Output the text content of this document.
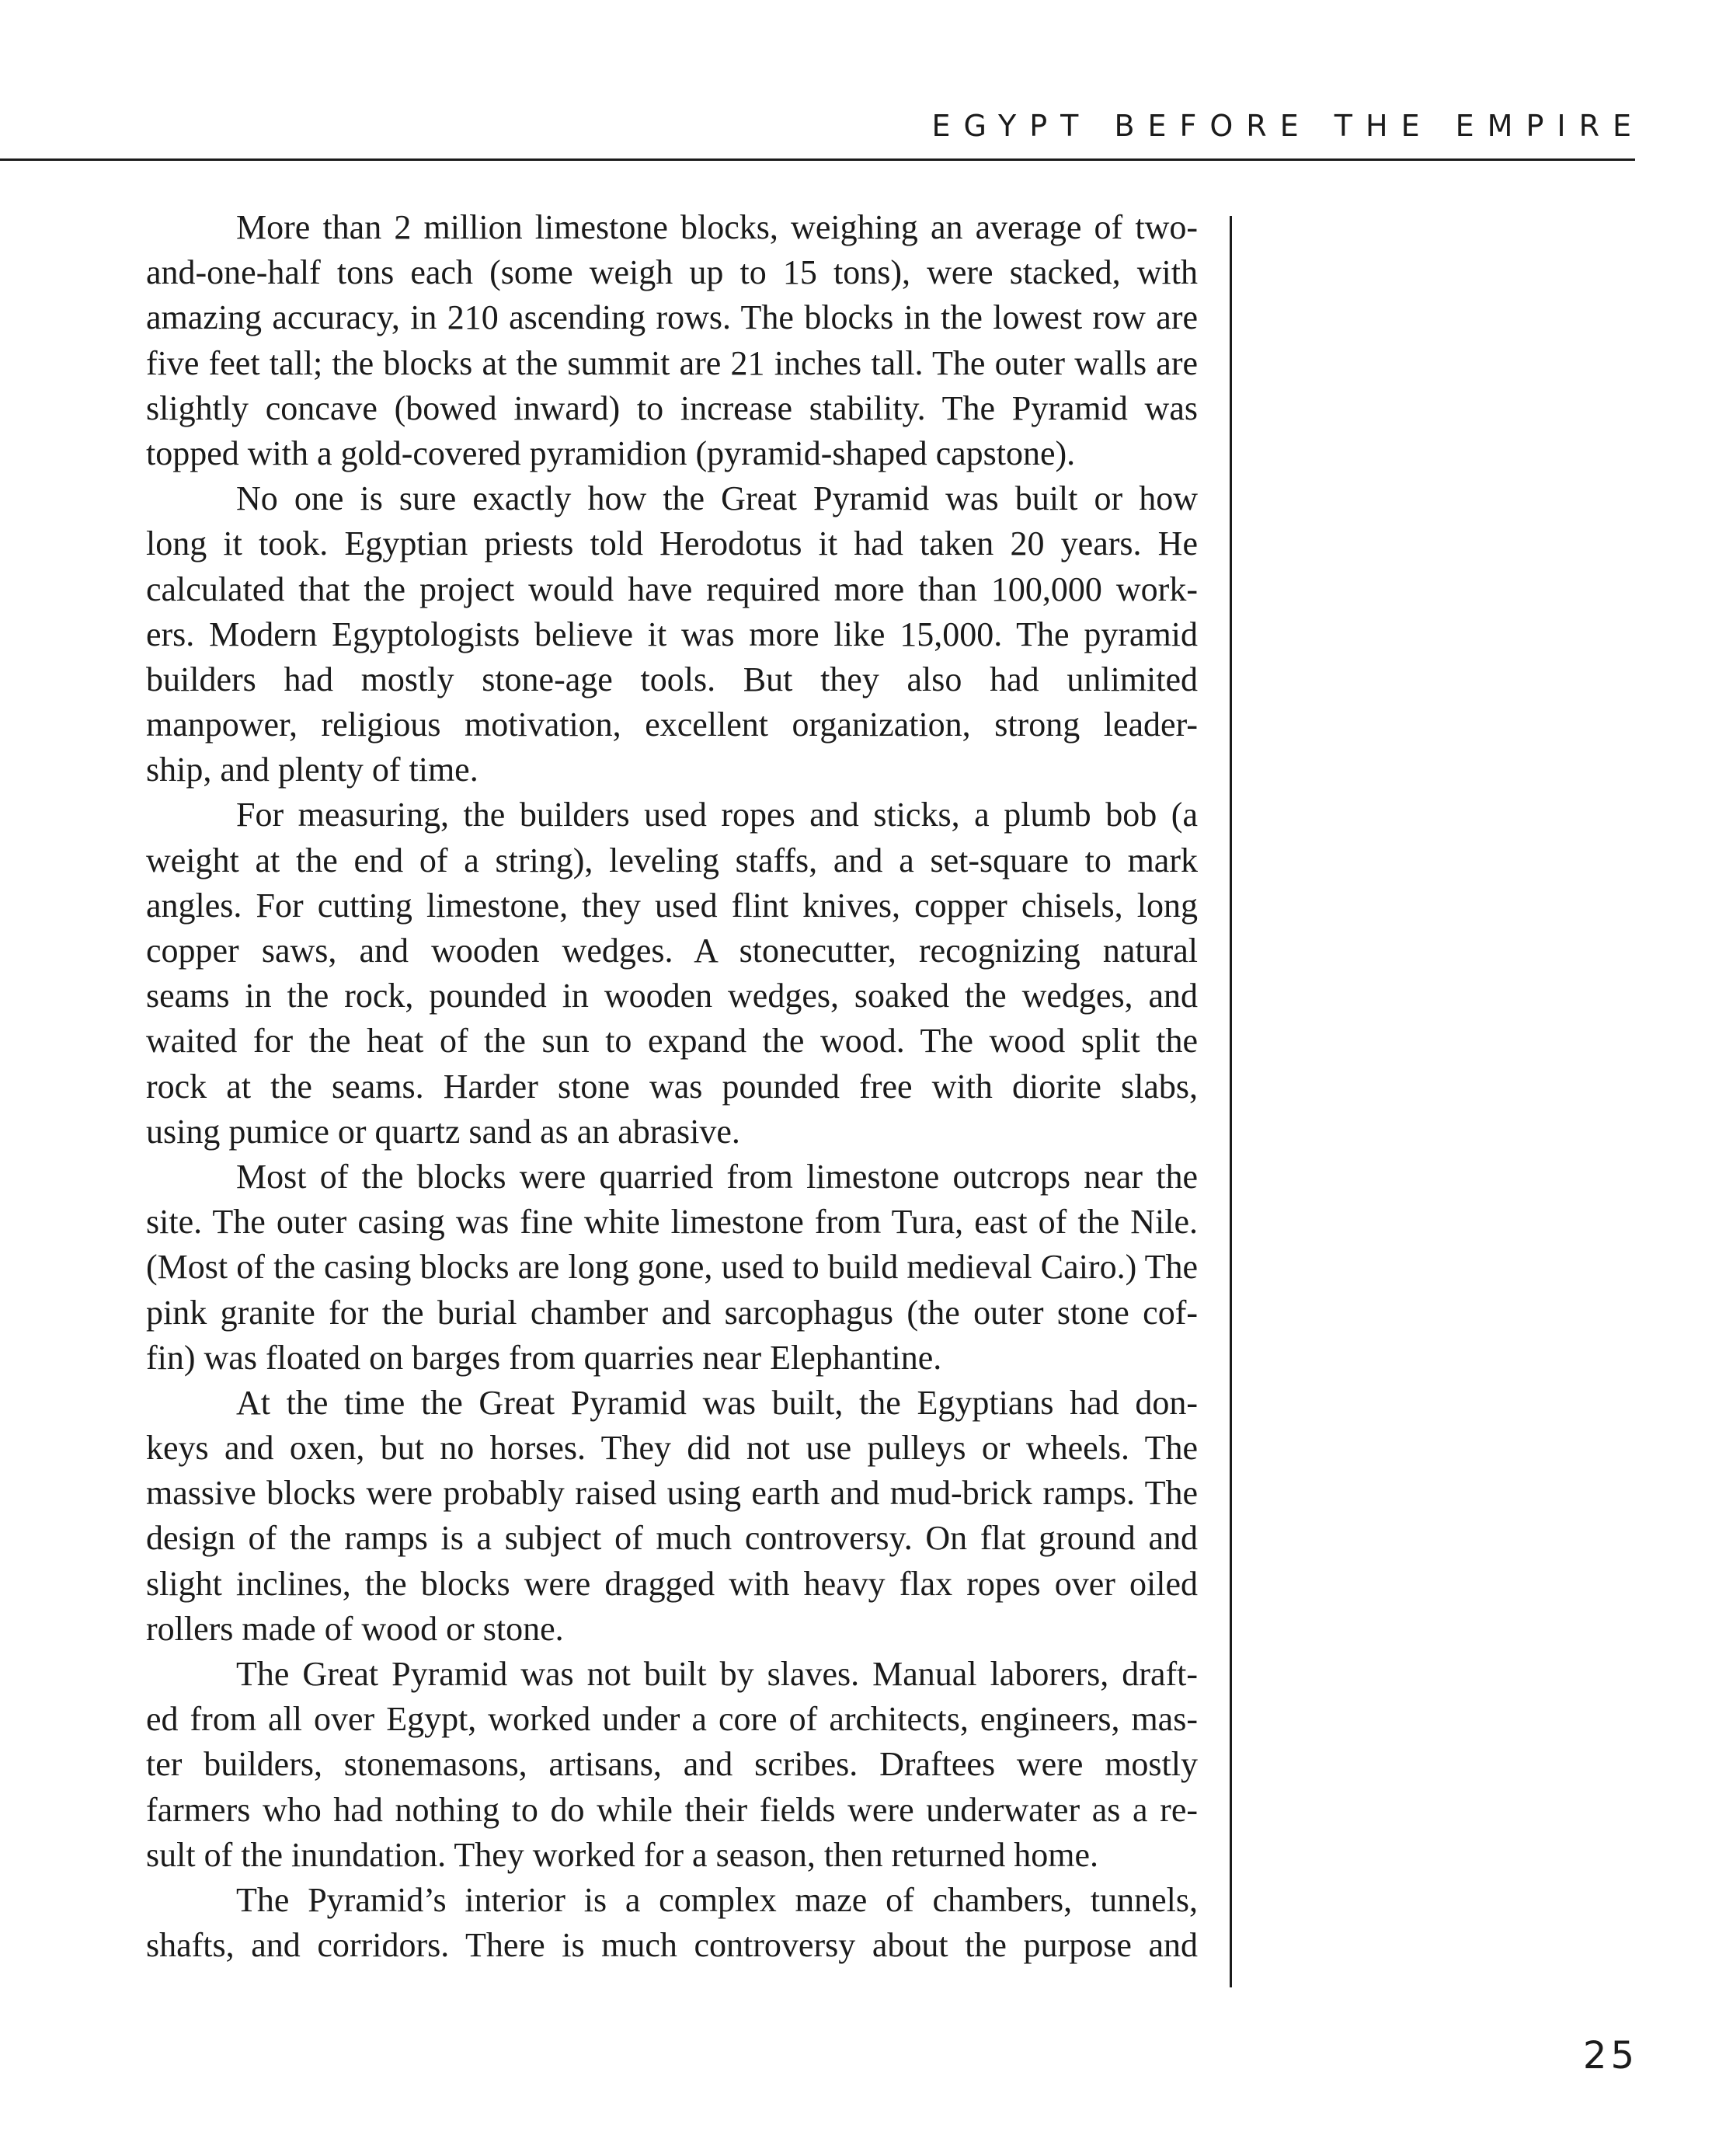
EGYPT BEFORE THE EMPIRE
More than 2 million limestone blocks, weighing an average of two-
and-one-half tons each (some weigh up to 15 tons), were stacked, with
amazing accuracy, in 210 ascending rows. The blocks in the lowest row are
five feet tall; the blocks at the summit are 21 inches tall. The outer walls are
slightly concave (bowed inward) to increase stability. The Pyramid was
topped with a gold-covered pyramidion (pyramid-shaped capstone).
No one is sure exactly how the Great Pyramid was built or how
long it took. Egyptian priests told Herodotus it had taken 20 years. He
calculated that the project would have required more than 100,000 work-
ers. Modern Egyptologists believe it was more like 15,000. The pyramid
builders had mostly stone-age tools. But they also had unlimited
manpower, religious motivation, excellent organization, strong leader-
ship, and plenty of time.
For measuring, the builders used ropes and sticks, a plumb bob (a
weight at the end of a string), leveling staffs, and a set-square to mark
angles. For cutting limestone, they used flint knives, copper chisels, long
copper saws, and wooden wedges. A stonecutter, recognizing natural
seams in the rock, pounded in wooden wedges, soaked the wedges, and
waited for the heat of the sun to expand the wood. The wood split the
rock at the seams. Harder stone was pounded free with diorite slabs,
using pumice or quartz sand as an abrasive.
Most of the blocks were quarried from limestone outcrops near the
site. The outer casing was fine white limestone from Tura, east of the Nile.
(Most of the casing blocks are long gone, used to build medieval Cairo.) The
pink granite for the burial chamber and sarcophagus (the outer stone cof-
fin) was floated on barges from quarries near Elephantine.
At the time the Great Pyramid was built, the Egyptians had don-
keys and oxen, but no horses. They did not use pulleys or wheels. The
massive blocks were probably raised using earth and mud-brick ramps. The
design of the ramps is a subject of much controversy. On flat ground and
slight inclines, the blocks were dragged with heavy flax ropes over oiled
rollers made of wood or stone.
The Great Pyramid was not built by slaves. Manual laborers, draft-
ed from all over Egypt, worked under a core of architects, engineers, mas-
ter builders, stonemasons, artisans, and scribes. Draftees were mostly
farmers who had nothing to do while their fields were underwater as a re-
sult of the inundation. They worked for a season, then returned home.
The Pyramid’s interior is a complex maze of chambers, tunnels,
shafts, and corridors. There is much controversy about the purpose and
25
